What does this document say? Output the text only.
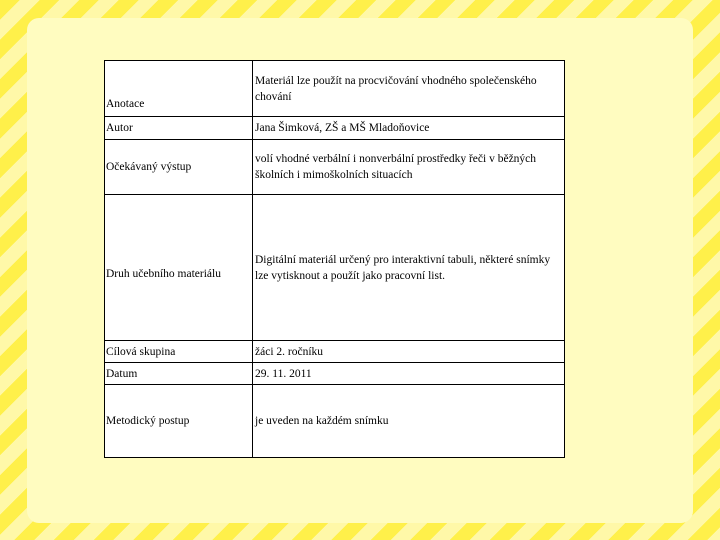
Anotace	Materiál lze použít na procvičování vhodného společenského chování
Autor	Jana Šimková, ZŠ a MŠ Mladoňovice
Očekávaný výstup	volí vhodné verbální i nonverbální prostředky řeči v běžných školních i mimoškolních situacích
Druh učebního materiálu	Digitální materiál určený pro interaktivní tabuli, některé snímky lze vytisknout a použít jako pracovní list.
Cílová skupina	žáci 2. ročníku
Datum	29. 11. 2011
Metodický postup	je uveden na každém snímku
